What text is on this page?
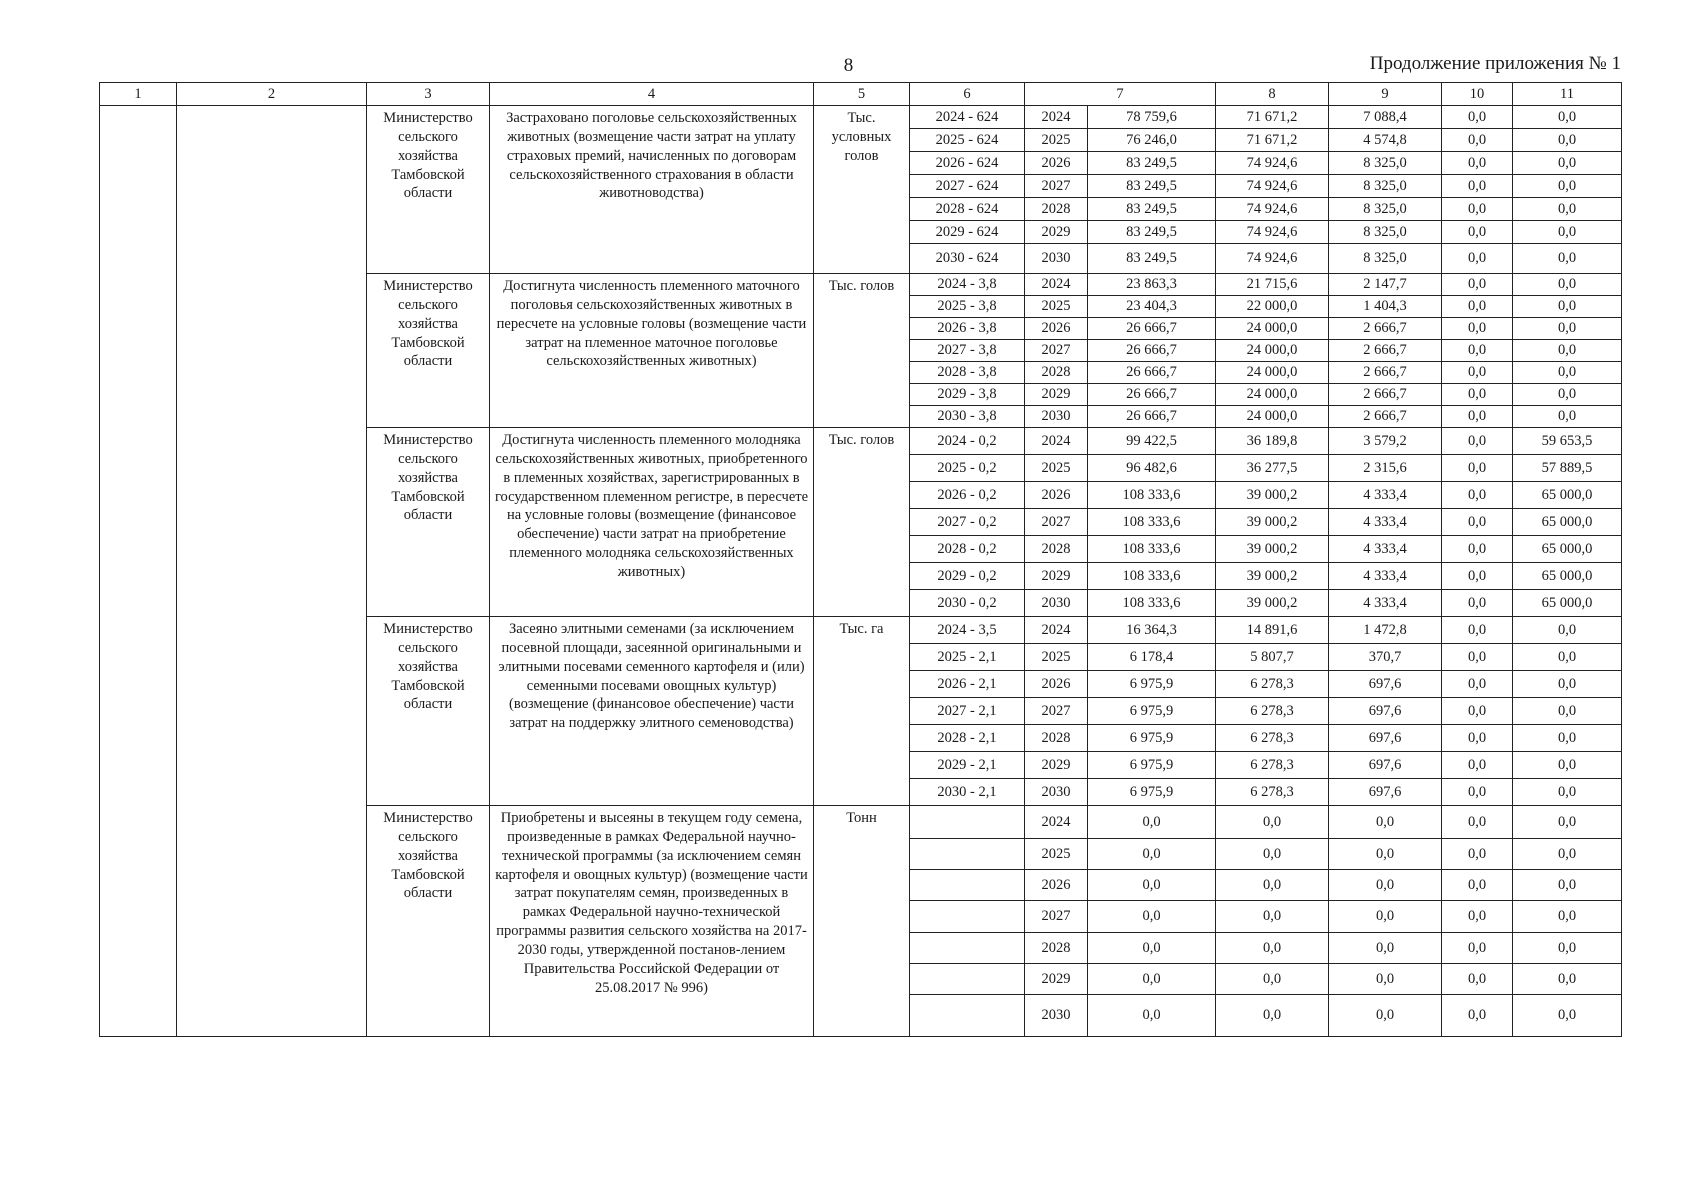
8	Продолжение приложения № 1
1	2	3	4	5	6	7		8	9	10	11
		Министерство сельского хозяйства Тамбовской области	Застраховано поголовье сельскохозяйственных животных (возмещение части затрат на уплату страховых премий, начисленных по договорам сельскохозяйственного страхования в области животноводства)	Тыс. условных голов	2024 - 624	2024	78 759,6	71 671,2	7 088,4	0,0	0,0
					2025 - 624	2025	76 246,0	71 671,2	4 574,8	0,0	0,0
					2026 - 624	2026	83 249,5	74 924,6	8 325,0	0,0	0,0
					2027 - 624	2027	83 249,5	74 924,6	8 325,0	0,0	0,0
					2028 - 624	2028	83 249,5	74 924,6	8 325,0	0,0	0,0
					2029 - 624	2029	83 249,5	74 924,6	8 325,0	0,0	0,0
					2030 - 624	2030	83 249,5	74 924,6	8 325,0	0,0	0,0
		Министерство сельского хозяйства Тамбовской области	Достигнута численность племенного маточного поголовья сельскохозяйственных животных в пересчете на условные головы (возмещение части затрат на племенное маточное поголовье сельскохозяйственных животных)	Тыс. голов	2024 - 3,8	2024	23 863,3	21 715,6	2 147,7	0,0	0,0
					2025 - 3,8	2025	23 404,3	22 000,0	1 404,3	0,0	0,0
					2026 - 3,8	2026	26 666,7	24 000,0	2 666,7	0,0	0,0
					2027 - 3,8	2027	26 666,7	24 000,0	2 666,7	0,0	0,0
					2028 - 3,8	2028	26 666,7	24 000,0	2 666,7	0,0	0,0
					2029 - 3,8	2029	26 666,7	24 000,0	2 666,7	0,0	0,0
					2030 - 3,8	2030	26 666,7	24 000,0	2 666,7	0,0	0,0
		Министерство сельского хозяйства Тамбовской области	Достигнута численность племенного молодняка сельскохозяйственных животных, приобретенного в племенных хозяйствах, зарегистрированных в государственном племенном регистре, в пересчете на условные головы (возмещение (финансовое обеспечение) части затрат на приобретение племенного молодняка сельскохозяйственных животных)	Тыс. голов	2024 - 0,2	2024	99 422,5	36 189,8	3 579,2	0,0	59 653,5
					2025 - 0,2	2025	96 482,6	36 277,5	2 315,6	0,0	57 889,5
					2026 - 0,2	2026	108 333,6	39 000,2	4 333,4	0,0	65 000,0
					2027 - 0,2	2027	108 333,6	39 000,2	4 333,4	0,0	65 000,0
					2028 - 0,2	2028	108 333,6	39 000,2	4 333,4	0,0	65 000,0
					2029 - 0,2	2029	108 333,6	39 000,2	4 333,4	0,0	65 000,0
					2030 - 0,2	2030	108 333,6	39 000,2	4 333,4	0,0	65 000,0
		Министерство сельского хозяйства Тамбовской области	Засеяно элитными семенами (за исключением посевной площади, засеянной оригинальными и элитными посевами семенного картофеля и (или) семенными посевами овощных культур) (возмещение (финансовое обеспечение) части затрат на поддержку элитного семеноводства)	Тыс. га	2024 - 3,5	2024	16 364,3	14 891,6	1 472,8	0,0	0,0
					2025 - 2,1	2025	6 178,4	5 807,7	370,7	0,0	0,0
					2026 - 2,1	2026	6 975,9	6 278,3	697,6	0,0	0,0
					2027 - 2,1	2027	6 975,9	6 278,3	697,6	0,0	0,0
					2028 - 2,1	2028	6 975,9	6 278,3	697,6	0,0	0,0
					2029 - 2,1	2029	6 975,9	6 278,3	697,6	0,0	0,0
					2030 - 2,1	2030	6 975,9	6 278,3	697,6	0,0	0,0
		Министерство сельского хозяйства Тамбовской области	Приобретены и высеяны в текущем году семена, произведенные в рамках Федеральной научно-технической программы (за исключением семян картофеля и овощных культур) (возмещение части затрат покупателям семян, произведенных в рамках Федеральной научно-технической программы развития сельского хозяйства на 2017-2030 годы, утвержденной постанов-лением Правительства Российской Федерации от 25.08.2017 № 996)	Тонн		2024	0,0	0,0	0,0	0,0	0,0
						2025	0,0	0,0	0,0	0,0	0,0
						2026	0,0	0,0	0,0	0,0	0,0
						2027	0,0	0,0	0,0	0,0	0,0
						2028	0,0	0,0	0,0	0,0	0,0
						2029	0,0	0,0	0,0	0,0	0,0
						2030	0,0	0,0	0,0	0,0	0,0
